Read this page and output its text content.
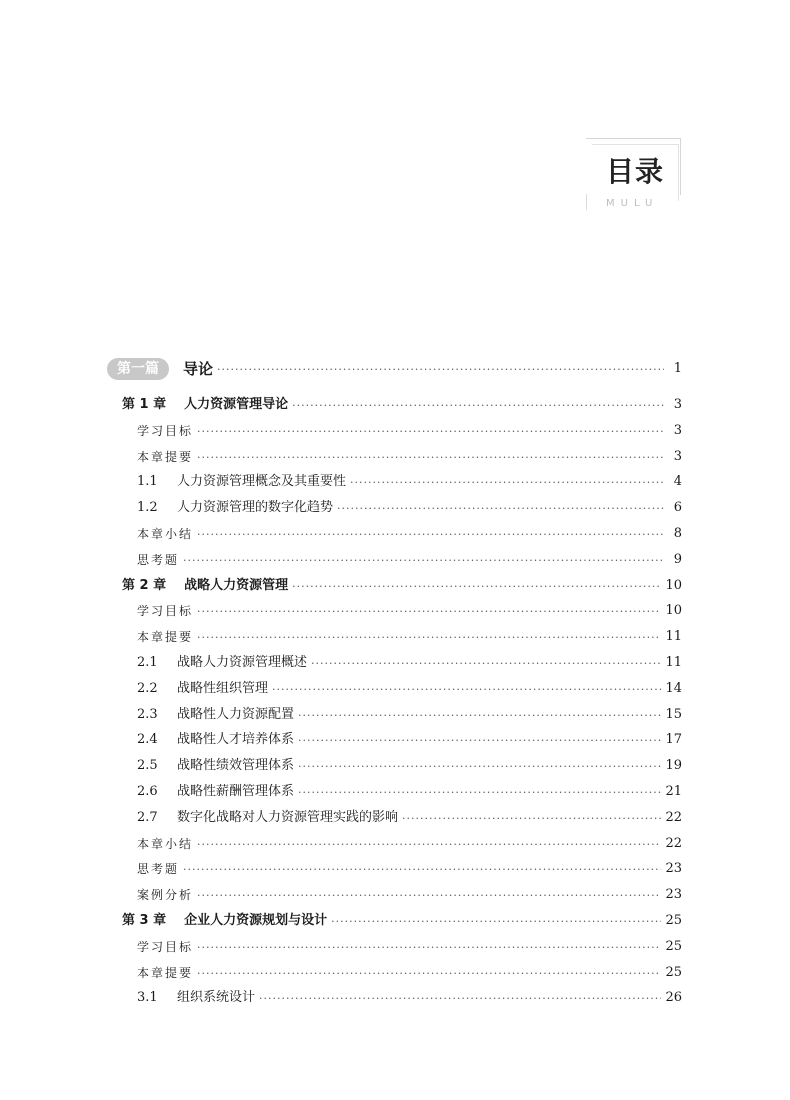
目录
MULU
第一篇	导论 ·····	1
第 1 章 人力资源管理导论 ·····	3
学习目标 ·····	3
本章提要 ·····	3
1.1	人力资源管理概念及其重要性 ·····	4
1.2	人力资源管理的数字化趋势 ·····	6
本章小结 ·····	8
思考题 ·····	9
第 2 章 战略人力资源管理 ·····	10
学习目标 ·····	10
本章提要 ·····	11
2.1	战略人力资源管理概述 ·····	11
2.2	战略性组织管理 ·····	14
2.3	战略性人力资源配置 ·····	15
2.4	战略性人才培养体系 ·····	17
2.5	战略性绩效管理体系 ·····	19
2.6	战略性薪酬管理体系 ·····	21
2.7	数字化战略对人力资源管理实践的影响 ·····	22
本章小结 ·····	22
思考题 ·····	23
案例分析 ·····	23
第 3 章 企业人力资源规划与设计 ·····	25
学习目标 ·····	25
本章提要 ·····	25
3.1	组织系统设计 ·····	26
